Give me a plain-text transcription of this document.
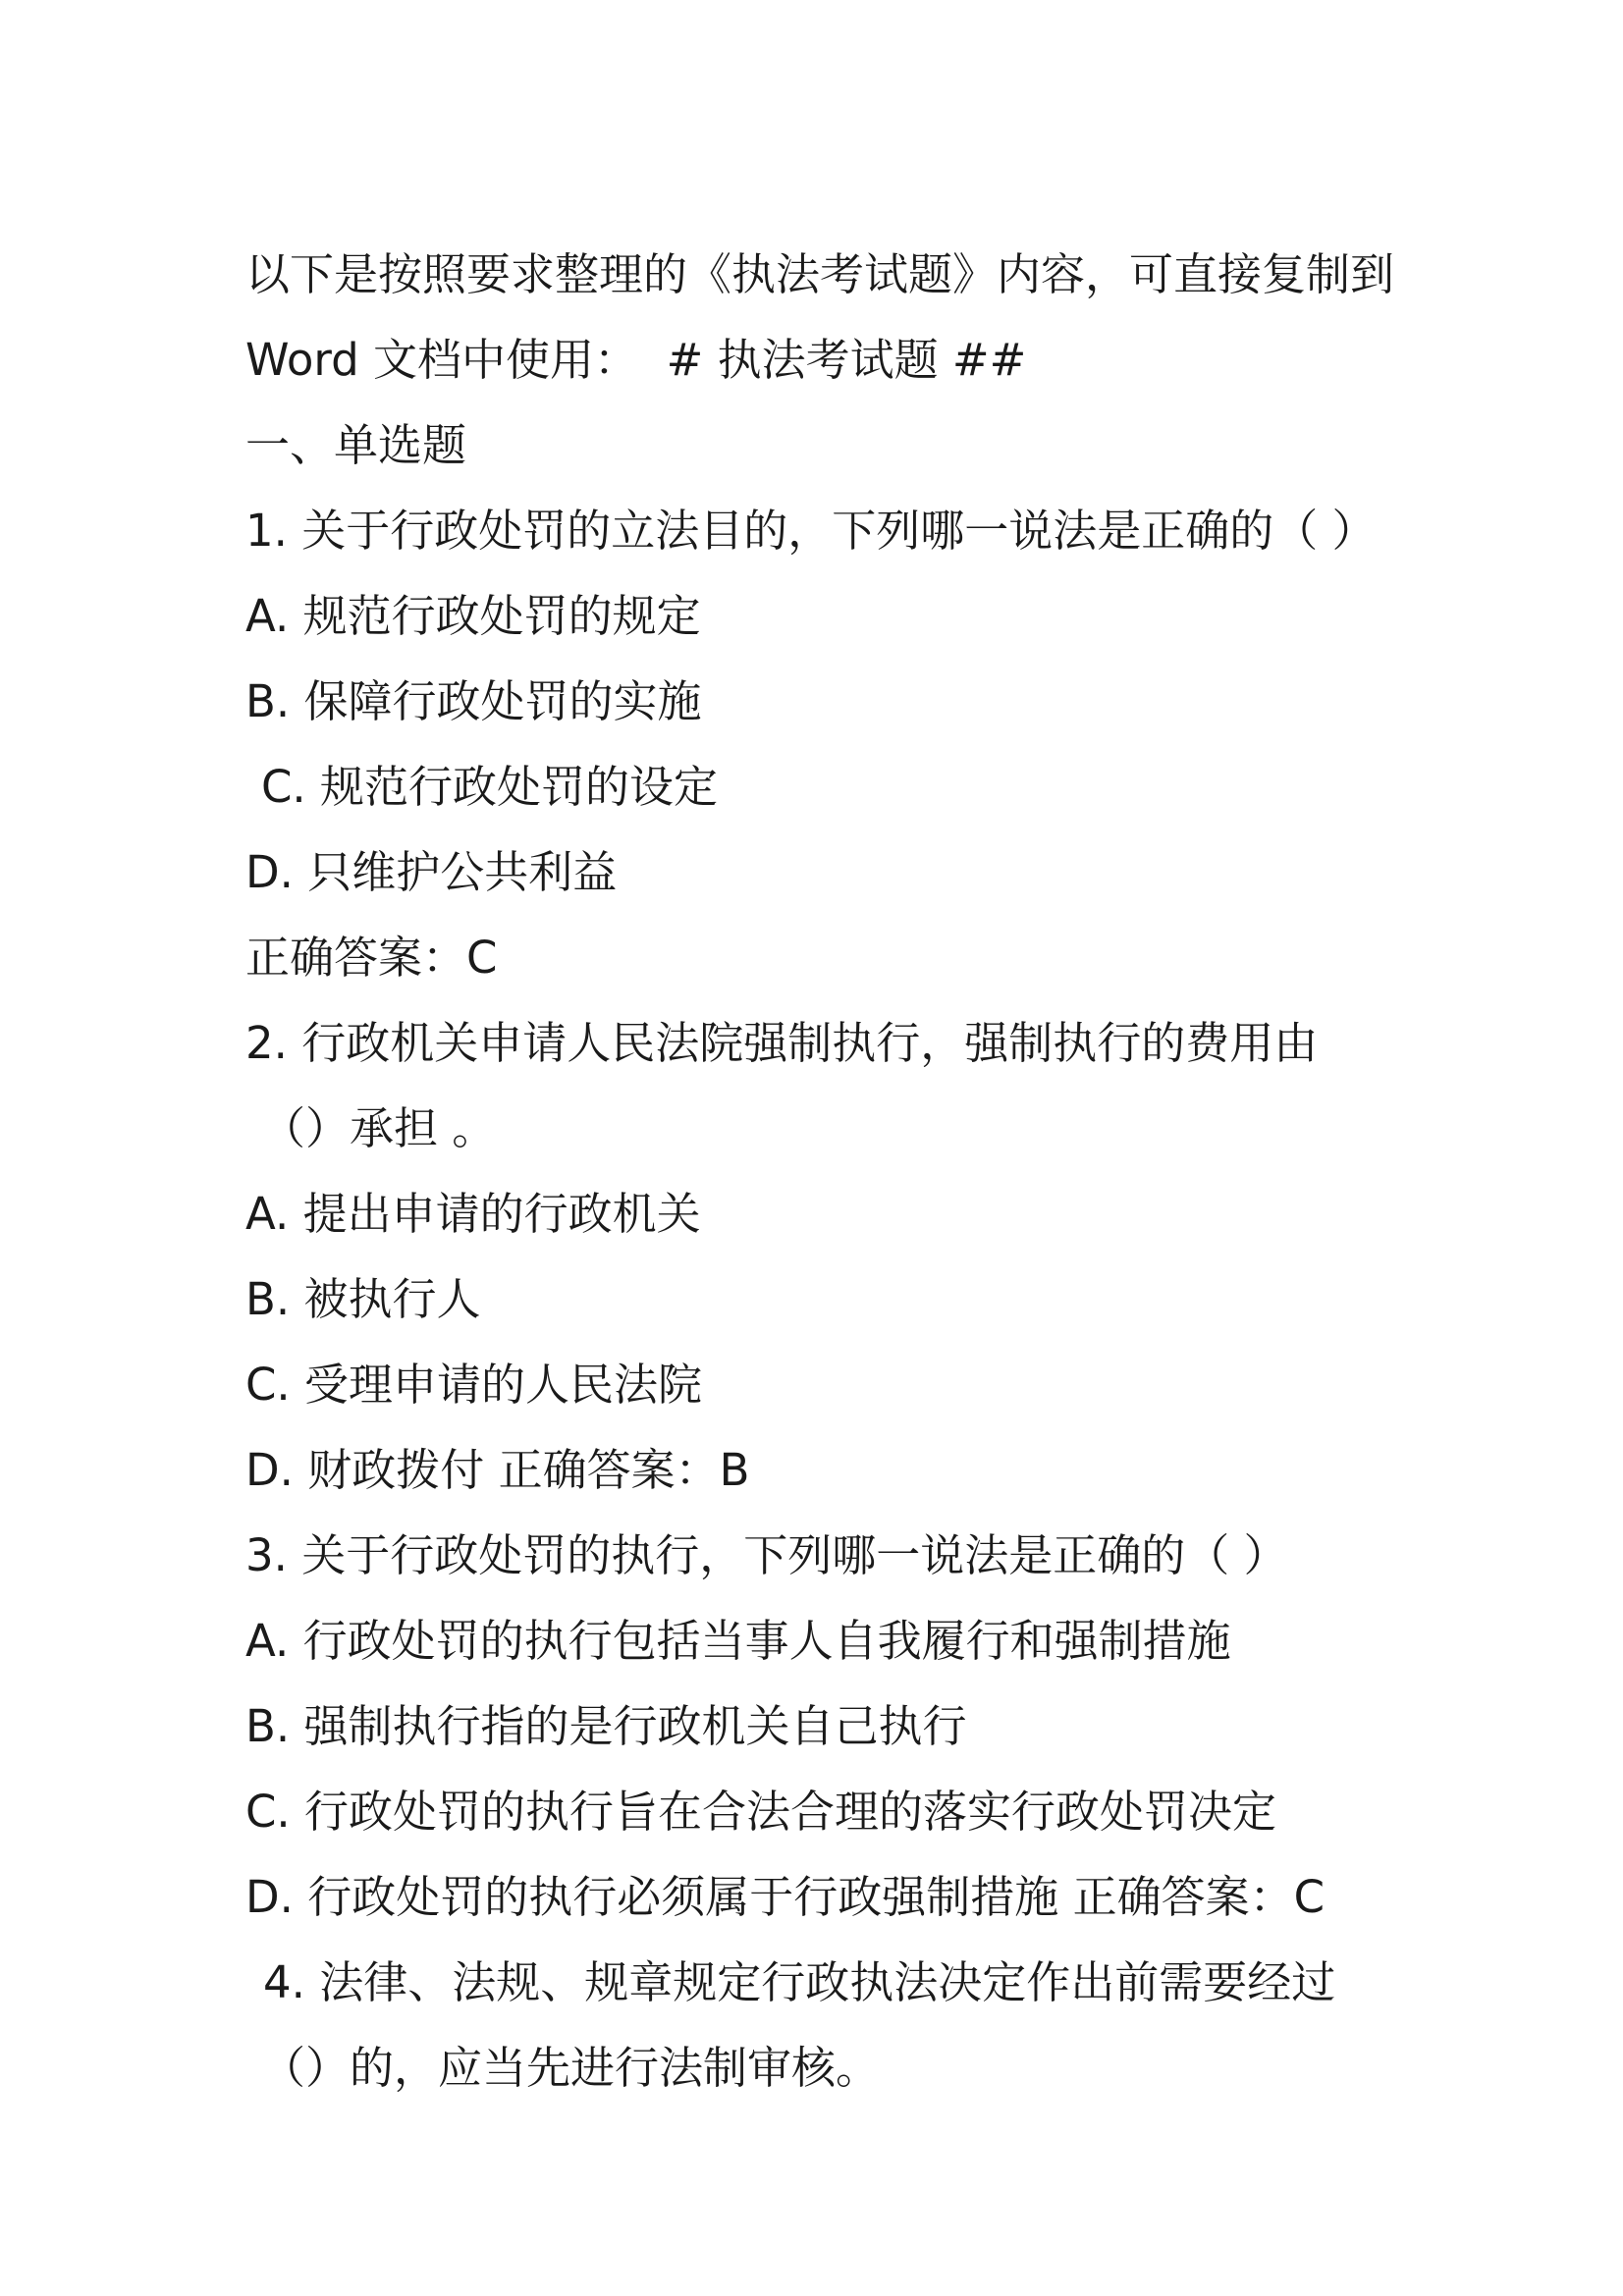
以下是按照要求整理的《执法考试题》内容，可直接复制到 Word 文档中使用：  # 执法考试题 ##

一、单选题

1. 关于行政处罚的立法目的，下列哪一说法是正确的（ ）

A. 规范行政处罚的规定

B. 保障行政处罚的实施

C. 规范行政处罚的设定

D. 只维护公共利益

正确答案：C

2. 行政机关申请人民法院强制执行，强制执行的费用由

（）承担 。

A. 提出申请的行政机关

B. 被执行人

C. 受理申请的人民法院

D. 财政拨付 正确答案：B

3. 关于行政处罚的执行，下列哪一说法是正确的（ ）

A. 行政处罚的执行包括当事人自我履行和强制措施

B. 强制执行指的是行政机关自己执行

C. 行政处罚的执行旨在合法合理的落实行政处罚决定

D. 行政处罚的执行必须属于行政强制措施 正确答案：C

4. 法律、法规、规章规定行政执法决定作出前需要经过

（）的，应当先进行法制审核。
